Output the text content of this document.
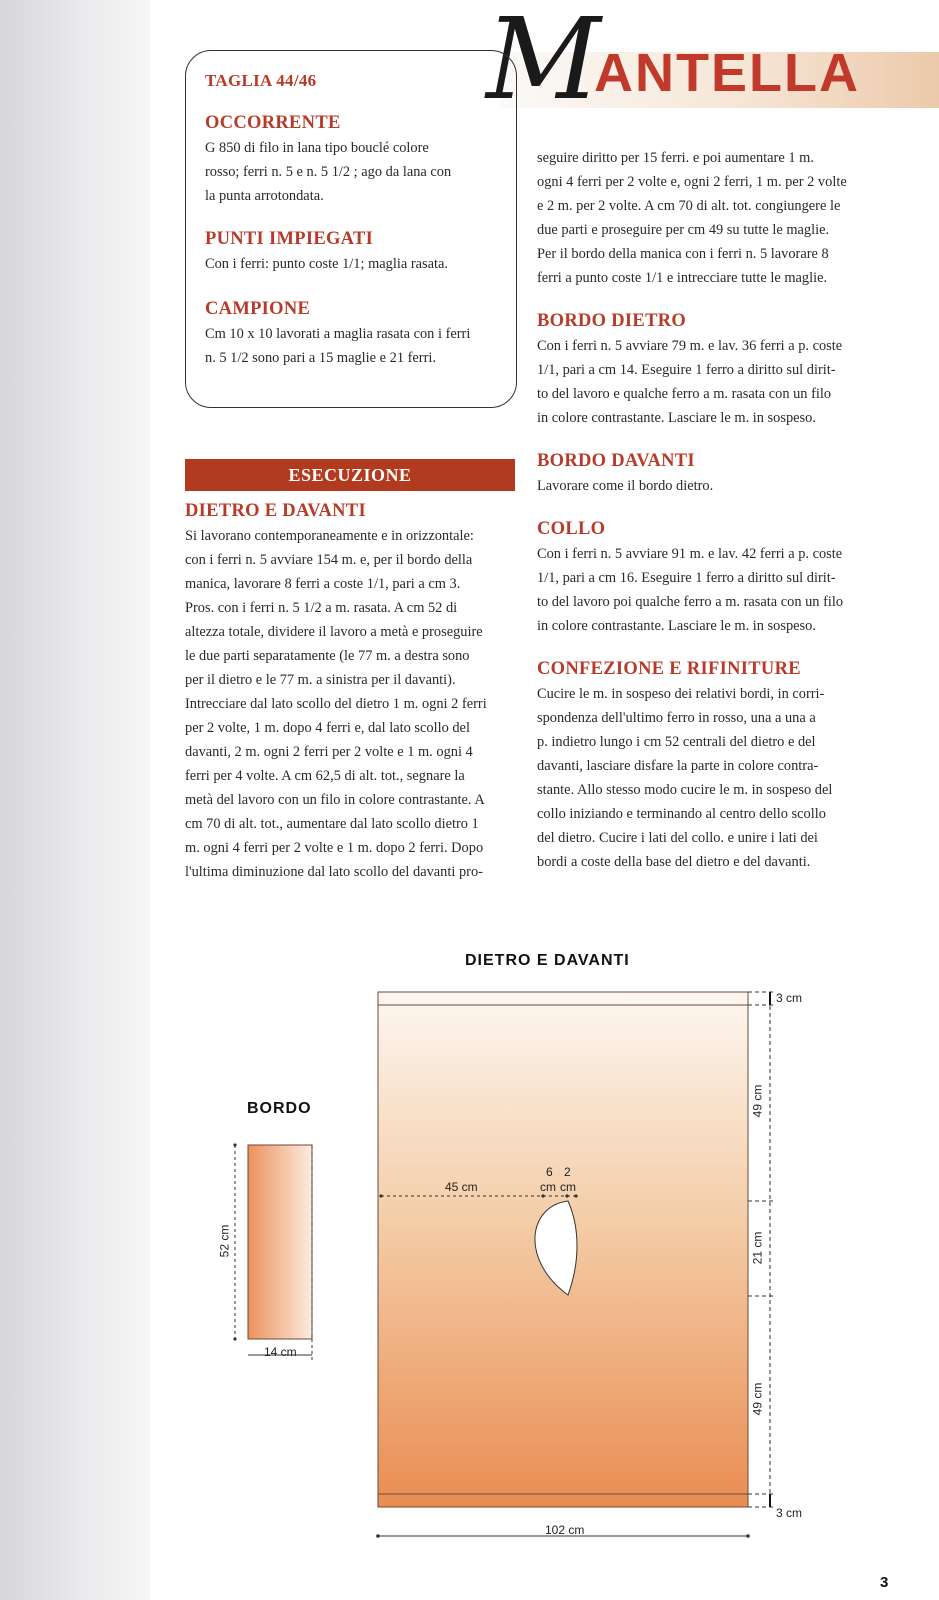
M ANTELLA
TAGLIA 44/46
OCCORRENTE

G 850 di filo in lana tipo bouclé colore

rosso; ferri n. 5 e n. 5 1/2 ; ago da lana con

la punta arrotondata.

PUNTI IMPIEGATI

Con i ferri: punto coste 1/1; maglia rasata.

CAMPIONE

Cm 10 x 10 lavorati a maglia rasata con i ferri

n. 5 1/2 sono pari a 15 maglie e 21 ferri.

ESECUZIONE
DIETRO E DAVANTI

Si lavorano contemporaneamente e in orizzontale:

con i ferri n. 5 avviare 154 m. e, per il bordo della

manica, lavorare 8 ferri a coste 1/1, pari a cm 3.

Pros. con i ferri n. 5 1/2 a m. rasata. A cm 52 di

altezza totale, dividere il lavoro a metà e proseguire

le due parti separatamente (le 77 m. a destra sono

per il dietro e le 77 m. a sinistra per il davanti).

Intrecciare dal lato scollo del dietro 1 m. ogni 2 ferri

per 2 volte, 1 m. dopo 4 ferri e, dal lato scollo del

davanti, 2 m. ogni 2 ferri per 2 volte e 1 m. ogni 4

ferri per 4 volte. A cm 62,5 di alt. tot., segnare la

metà del lavoro con un filo in colore contrastante. A

cm 70 di alt. tot., aumentare dal lato scollo dietro 1

m. ogni 4 ferri per 2 volte e 1 m. dopo 2 ferri. Dopo

l'ultima diminuzione dal lato scollo del davanti pro-

seguire diritto per 15 ferri. e poi aumentare 1 m.

ogni 4 ferri per 2 volte e, ogni 2 ferri, 1 m. per 2 volte

e 2 m. per 2 volte. A cm 70 di alt. tot. congiungere le

due parti e proseguire per cm 49 su tutte le maglie.

Per il bordo della manica con i ferri n. 5 lavorare 8

ferri a punto coste 1/1 e intrecciare tutte le maglie.

BORDO DIETRO

Con i ferri n. 5 avviare 79 m. e lav. 36 ferri a p. coste

1/1, pari a cm 14. Eseguire 1 ferro a diritto sul dirit-

to del lavoro e qualche ferro a m. rasata con un filo

in colore contrastante. Lasciare le m. in sospeso.

BORDO DAVANTI

Lavorare come il bordo dietro.

COLLO

Con i ferri n. 5 avviare 91 m. e lav. 42 ferri a p. coste

1/1, pari a cm 16. Eseguire 1 ferro a diritto sul dirit-

to del lavoro poi qualche ferro a m. rasata con un filo

in colore contrastante. Lasciare le m. in sospeso.

CONFEZIONE E RIFINITURE

Cucire le m. in sospeso dei relativi bordi, in corri-

spondenza dell'ultimo ferro in rosso, una a una a

p. indietro lungo i cm 52 centrali del dietro e del

davanti, lasciare disfare la parte in colore contra-

stante. Allo stesso modo cucire le m. in sospeso del

collo iniziando e terminando al centro dello scollo

del dietro. Cucire i lati del collo. e unire i lati dei

bordi a coste della base del dietro e del davanti.

DIETRO E DAVANTI
BORDO
3 cm
49 cm
21 cm
49 cm
3 cm
102 cm
45 cm
6
cm
2
cm
52 cm
14 cm
3
